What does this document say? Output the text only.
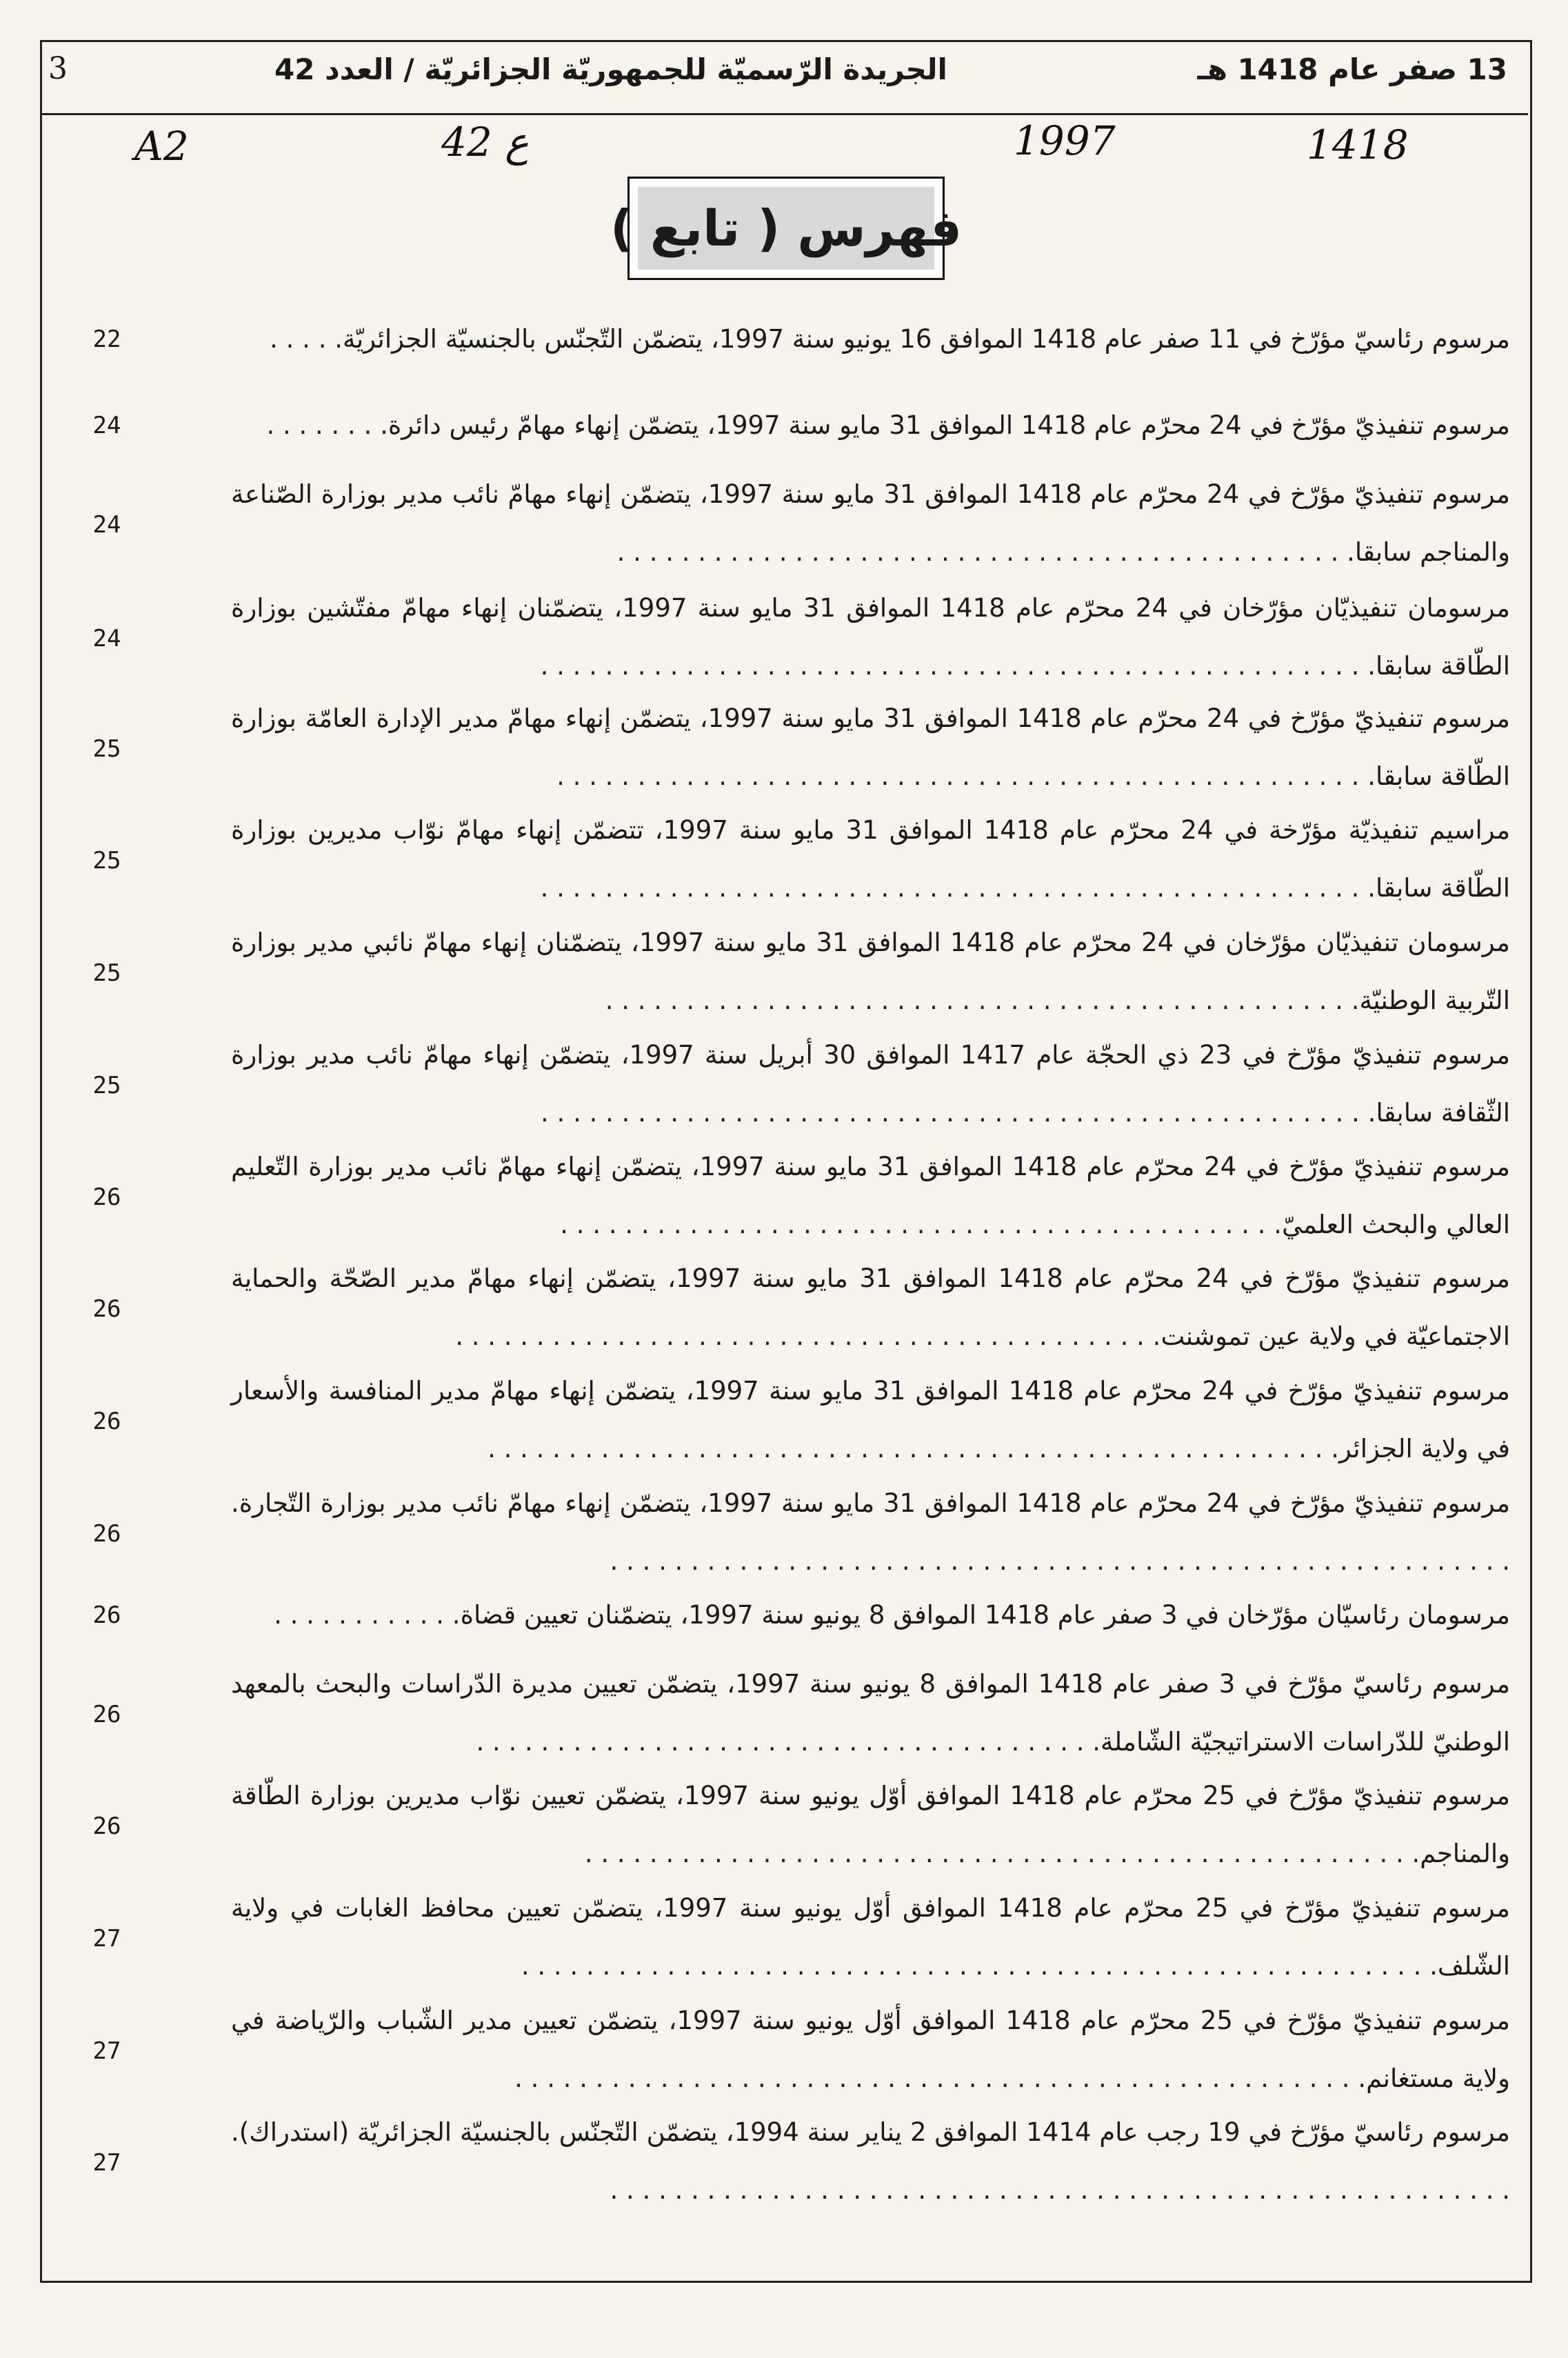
13 صفر عام 1418 هـ
الجريدة الرّسميّة للجمهوريّة الجزائريّة / العدد 42
3
A2	42 ع	1997	1418
فهرس ( تابع )
مرسوم رئاسيّ مؤرّخ في 11 صفر عام 1418 الموافق 16 يونيو سنة 1997، يتضمّن التّجنّس بالجنسيّة الجزائريّة. . . . .
22
مرسوم تنفيذيّ مؤرّخ في 24 محرّم عام 1418 الموافق 31 مايو سنة 1997، يتضمّن إنهاء مهامّ رئيس دائرة. . . . . . . .
24
مرسوم تنفيذيّ مؤرّخ في 24 محرّم عام 1418 الموافق 31 مايو سنة 1997، يتضمّن إنهاء مهامّ نائب مدير بوزارة الصّناعة والمناجم سابقا. . . . . . . . . . . . . . . . . . . . . . . . . . . . . . . . . . . . . . . . . . . . . .
24
مرسومان تنفيذيّان مؤرّخان في 24 محرّم عام 1418 الموافق 31 مايو سنة 1997، يتضمّنان إنهاء مهامّ مفتّشين بوزارة الطّاقة سابقا. . . . . . . . . . . . . . . . . . . . . . . . . . . . . . . . . . . . . . . . . . . . . . . . . . . .
24
مرسوم تنفيذيّ مؤرّخ في 24 محرّم عام 1418 الموافق 31 مايو سنة 1997، يتضمّن إنهاء مهامّ مدير الإدارة العامّة بوزارة الطّاقة سابقا. . . . . . . . . . . . . . . . . . . . . . . . . . . . . . . . . . . . . . . . . . . . . . . . . . .
25
مراسيم تنفيذيّة مؤرّخة في 24 محرّم عام 1418 الموافق 31 مايو سنة 1997، تتضمّن إنهاء مهامّ نوّاب مديرين بوزارة الطّاقة سابقا. . . . . . . . . . . . . . . . . . . . . . . . . . . . . . . . . . . . . . . . . . . . . . . . . . . .
25
مرسومان تنفيذيّان مؤرّخان في 24 محرّم عام 1418 الموافق 31 مايو سنة 1997، يتضمّنان إنهاء مهامّ نائبي مدير بوزارة التّربية الوطنيّة. . . . . . . . . . . . . . . . . . . . . . . . . . . . . . . . . . . . . . . . . . . . . . .
25
مرسوم تنفيذيّ مؤرّخ في 23 ذي الحجّة عام 1417 الموافق 30 أبريل سنة 1997، يتضمّن إنهاء مهامّ نائب مدير بوزارة الثّقافة سابقا. . . . . . . . . . . . . . . . . . . . . . . . . . . . . . . . . . . . . . . . . . . . . . . . . . . .
25
مرسوم تنفيذيّ مؤرّخ في 24 محرّم عام 1418 الموافق 31 مايو سنة 1997، يتضمّن إنهاء مهامّ نائب مدير بوزارة التّعليم العالي والبحث العلميّ. . . . . . . . . . . . . . . . . . . . . . . . . . . . . . . . . . . . . . . . . . . . .
26
مرسوم تنفيذيّ مؤرّخ في 24 محرّم عام 1418 الموافق 31 مايو سنة 1997، يتضمّن إنهاء مهامّ مدير الصّحّة والحماية الاجتماعيّة في ولاية عين تموشنت. . . . . . . . . . . . . . . . . . . . . . . . . . . . . . . . . . . . . . . . . . . .
26
مرسوم تنفيذيّ مؤرّخ في 24 محرّم عام 1418 الموافق 31 مايو سنة 1997، يتضمّن إنهاء مهامّ مدير المنافسة والأسعار في ولاية الجزائر. . . . . . . . . . . . . . . . . . . . . . . . . . . . . . . . . . . . . . . . . . . . . . . . . . . . .
26
مرسوم تنفيذيّ مؤرّخ في 24 محرّم عام 1418 الموافق 31 مايو سنة 1997، يتضمّن إنهاء مهامّ نائب مدير بوزارة التّجارة. . . . . . . . . . . . . . . . . . . . . . . . . . . . . . . . . . . . . . . . . . . . . . . . . . . . . . . . .
26
مرسومان رئاسيّان مؤرّخان في 3 صفر عام 1418 الموافق 8 يونيو سنة 1997، يتضمّنان تعيين قضاة. . . . . . . . . . . .
26
مرسوم رئاسيّ مؤرّخ في 3 صفر عام 1418 الموافق 8 يونيو سنة 1997، يتضمّن تعيين مديرة الدّراسات والبحث بالمعهد الوطنيّ للدّراسات الاستراتيجيّة الشّاملة. . . . . . . . . . . . . . . . . . . . . . . . . . . . . . . . . . . . . . .
26
مرسوم تنفيذيّ مؤرّخ في 25 محرّم عام 1418 الموافق أوّل يونيو سنة 1997، يتضمّن تعيين نوّاب مديرين بوزارة الطّاقة والمناجم. . . . . . . . . . . . . . . . . . . . . . . . . . . . . . . . . . . . . . . . . . . . . . . . . . . .
26
مرسوم تنفيذيّ مؤرّخ في 25 محرّم عام 1418 الموافق أوّل يونيو سنة 1997، يتضمّن تعيين محافظ الغابات في ولاية الشّلف. . . . . . . . . . . . . . . . . . . . . . . . . . . . . . . . . . . . . . . . . . . . . . . . . . . . . . . . .
27
مرسوم تنفيذيّ مؤرّخ في 25 محرّم عام 1418 الموافق أوّل يونيو سنة 1997، يتضمّن تعيين مدير الشّباب والرّياضة في ولاية مستغانم. . . . . . . . . . . . . . . . . . . . . . . . . . . . . . . . . . . . . . . . . . . . . . . . . . . . .
27
مرسوم رئاسيّ مؤرّخ في 19 رجب عام 1414 الموافق 2 يناير سنة 1994، يتضمّن التّجنّس بالجنسيّة الجزائريّة (استدراك). . . . . . . . . . . . . . . . . . . . . . . . . . . . . . . . . . . . . . . . . . . . . . . . . . . . . . . . .
27
